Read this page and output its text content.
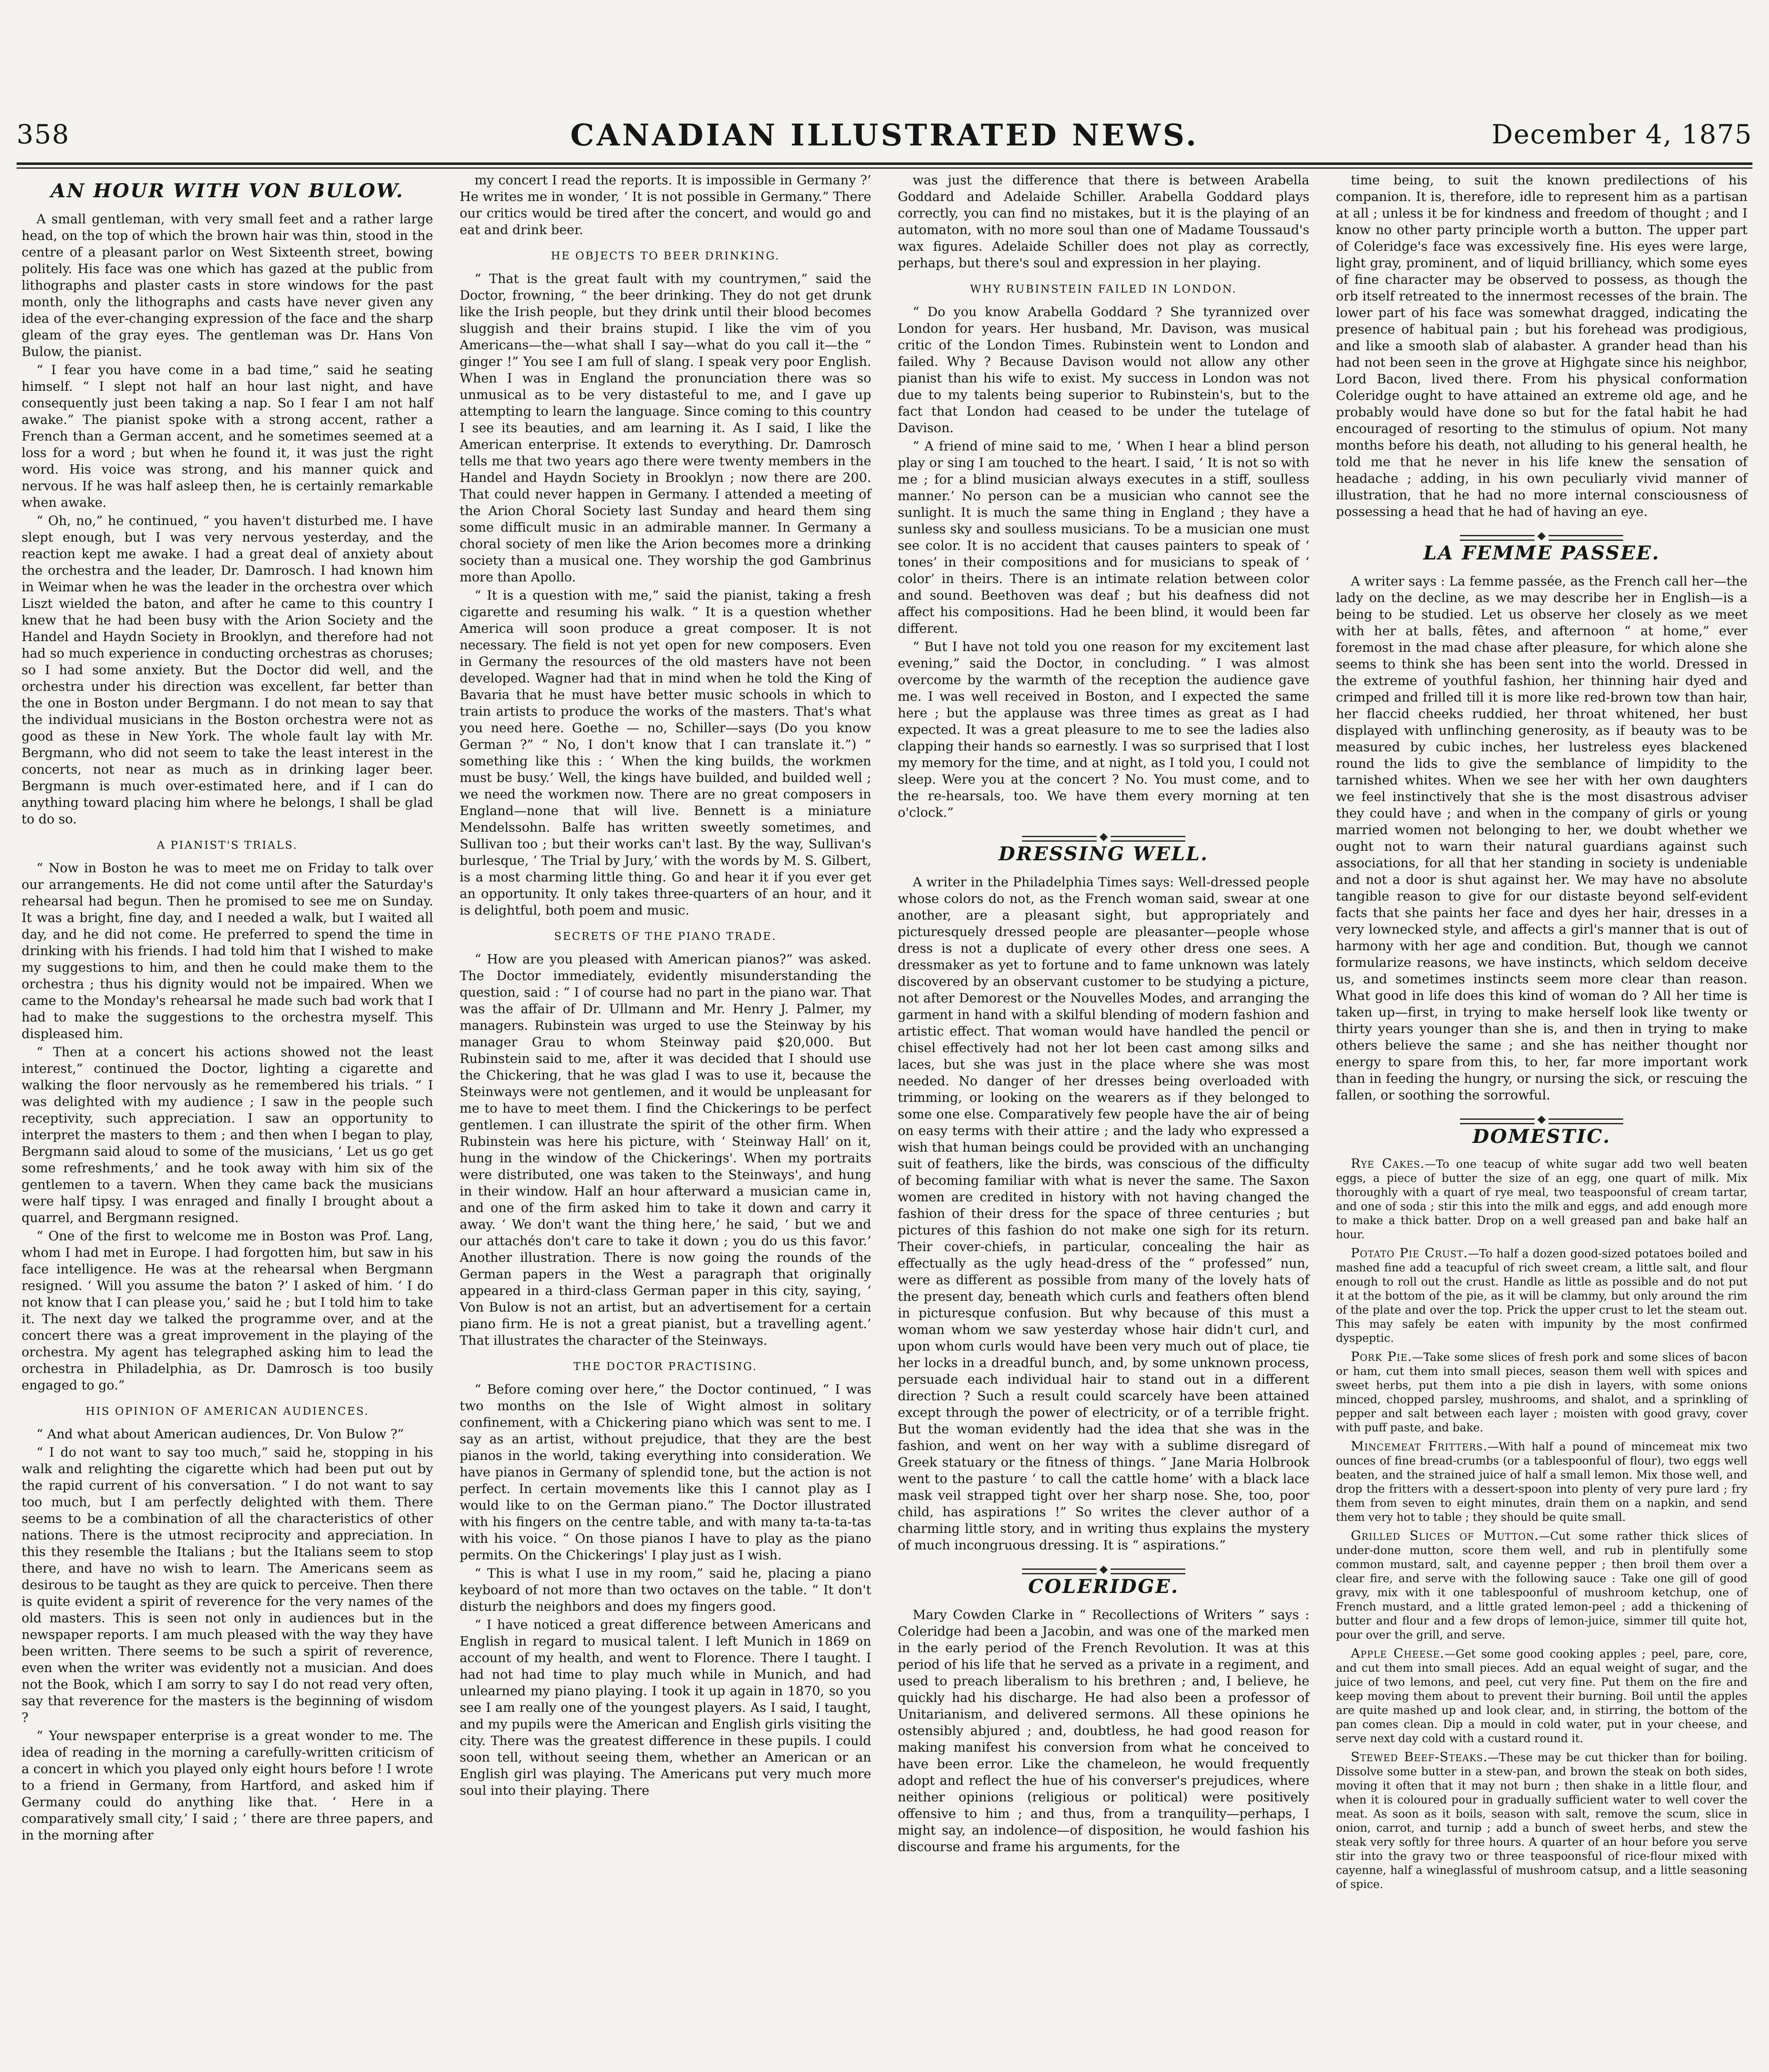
358	CANADIAN ILLUSTRATED NEWS.	December 4, 1875
AN HOUR WITH VON BULOW.

A small gentleman, with very small feet and a rather large head, on the top of which the brown hair was thin, stood in the centre of a pleasant parlor on West Sixteenth street, bowing politely. His face was one which has gazed at the public from lithographs and plaster casts in store windows for the past month, only the lithographs and casts have never given any idea of the ever-changing expression of the face and the sharp gleam of the gray eyes. The gentleman was Dr. Hans Von Bulow, the pianist.

“ I fear you have come in a bad time,” said he seating himself. “ I slept not half an hour last night, and have consequently just been taking a nap. So I fear I am not half awake.” The pianist spoke with a strong accent, rather a French than a German accent, and he sometimes seemed at a loss for a word ; but when he found it, it was just the right word. His voice was strong, and his manner quick and nervous. If he was half asleep then, he is certainly remarkable when awake.

“ Oh, no,” he continued, “ you haven't disturbed me. I have slept enough, but I was very nervous yesterday, and the reaction kept me awake. I had a great deal of anxiety about the orchestra and the leader, Dr. Damrosch. I had known him in Weimar when he was the leader in the orchestra over which Liszt wielded the baton, and after he came to this country I knew that he had been busy with the Arion Society and the Handel and Haydn Society in Brooklyn, and therefore had not had so much experience in conducting orchestras as choruses; so I had some anxiety. But the Doctor did well, and the orchestra under his direction was excellent, far better than the one in Boston under Bergmann. I do not mean to say that the individual musicians in the Boston orchestra were not as good as these in New York. The whole fault lay with Mr. Bergmann, who did not seem to take the least interest in the concerts, not near as much as in drinking lager beer. Bergmann is much over-estimated here, and if I can do anything toward placing him where he belongs, I shall be glad to do so.

A PIANIST'S TRIALS.

“ Now in Boston he was to meet me on Friday to talk over our arrangements. He did not come until after the Saturday's rehearsal had begun. Then he promised to see me on Sunday. It was a bright, fine day, and I needed a walk, but I waited all day, and he did not come. He preferred to spend the time in drinking with his friends. I had told him that I wished to make my suggestions to him, and then he could make them to the orchestra ; thus his dignity would not be impaired. When we came to the Monday's rehearsal he made such bad work that I had to make the suggestions to the orchestra myself. This displeased him.

“ Then at a concert his actions showed not the least interest,” continued the Doctor, lighting a cigarette and walking the floor nervously as he remembered his trials. “ I was delighted with my audience ; I saw in the people such receptivity, such appreciation. I saw an opportunity to interpret the masters to them ; and then when I began to play, Bergmann said aloud to some of the musicians, ‘ Let us go get some refreshments,’ and he took away with him six of the gentlemen to a tavern. When they came back the musicians were half tipsy. I was enraged and finally I brought about a quarrel, and Bergmann resigned.

“ One of the first to welcome me in Boston was Prof. Lang, whom I had met in Europe. I had forgotten him, but saw in his face intelligence. He was at the rehearsal when Bergmann resigned. ‘ Will you assume the baton ?’ I asked of him. ‘ I do not know that I can please you,’ said he ; but I told him to take it. The next day we talked the programme over, and at the concert there was a great improvement in the playing of the orchestra. My agent has telegraphed asking him to lead the orchestra in Philadelphia, as Dr. Damrosch is too busily engaged to go.”

HIS OPINION OF AMERICAN AUDIENCES.

“ And what about American audiences, Dr. Von Bulow ?”

“ I do not want to say too much,” said he, stopping in his walk and relighting the cigarette which had been put out by the rapid current of his conversation. “ I do not want to say too much, but I am perfectly delighted with them. There seems to be a combination of all the characteristics of other nations. There is the utmost reciprocity and appreciation. In this they resemble the Italians ; but the Italians seem to stop there, and have no wish to learn. The Americans seem as desirous to be taught as they are quick to perceive. Then there is quite evident a spirit of reverence for the very names of the old masters. This is seen not only in audiences but in the newspaper reports. I am much pleased with the way they have been written. There seems to be such a spirit of reverence, even when the writer was evidently not a musician. And does not the Book, which I am sorry to say I do not read very often, say that reverence for the masters is the beginning of wisdom ?

“ Your newspaper enterprise is a great wonder to me. The idea of reading in the morning a carefully-written criticism of a concert in which you played only eight hours before ! I wrote to a friend in Germany, from Hartford, and asked him if Germany could do anything like that. ‘ Here in a comparatively small city,’ I said ; ‘ there are three papers, and in the morning after

my concert I read the reports. It is impossible in Germany ?’ He writes me in wonder, ‘ It is not possible in Germany.” There our critics would be tired after the concert, and would go and eat and drink beer.

HE OBJECTS TO BEER DRINKING.

“ That is the great fault with my countrymen,” said the Doctor, frowning, “ the beer drinking. They do not get drunk like the Irish people, but they drink until their blood becomes sluggish and their brains stupid. I like the vim of you Americans—the—what shall I say—what do you call it—the “ ginger !” You see I am full of slang. I speak very poor English. When I was in England the pronunciation there was so unmusical as to be very distasteful to me, and I gave up attempting to learn the language. Since coming to this country I see its beauties, and am learning it. As I said, I like the American enterprise. It extends to everything. Dr. Damrosch tells me that two years ago there were twenty members in the Handel and Haydn Society in Brooklyn ; now there are 200. That could never happen in Germany. I attended a meeting of the Arion Choral Society last Sunday and heard them sing some difficult music in an admirable manner. In Germany a choral society of men like the Arion becomes more a drinking society than a musical one. They worship the god Gambrinus more than Apollo.

“ It is a question with me,” said the pianist, taking a fresh cigarette and resuming his walk. “ It is a question whether America will soon produce a great composer. It is not necessary. The field is not yet open for new composers. Even in Germany the resources of the old masters have not been developed. Wagner had that in mind when he told the King of Bavaria that he must have better music schools in which to train artists to produce the works of the masters. That's what you need here. Goethe — no, Schiller—says (Do you know German ?” “ No, I don't know that I can translate it.”) “ something like this : ‘ When the king builds, the workmen must be busy.’ Well, the kings have builded, and builded well ; we need the workmen now. There are no great composers in England—none that will live. Bennett is a miniature Mendelssohn. Balfe has written sweetly sometimes, and Sullivan too ; but their works can't last. By the way, Sullivan's burlesque, ‘ The Trial by Jury,’ with the words by M. S. Gilbert, is a most charming little thing. Go and hear it if you ever get an opportunity. It only takes three-quarters of an hour, and it is delightful, both poem and music.

SECRETS OF THE PIANO TRADE.

“ How are you pleased with American pianos?” was asked. The Doctor immediately, evidently misunderstanding the question, said : “ I of course had no part in the piano war. That was the affair of Dr. Ullmann and Mr. Henry J. Palmer, my managers. Rubinstein was urged to use the Steinway by his manager Grau to whom Steinway paid $20,000. But Rubinstein said to me, after it was decided that I should use the Chickering, that he was glad I was to use it, because the Steinways were not gentlemen, and it would be unpleasant for me to have to meet them. I find the Chickerings to be perfect gentlemen. I can illustrate the spirit of the other firm. When Rubinstein was here his picture, with ‘ Steinway Hall’ on it, hung in the window of the Chickerings'. When my portraits were distributed, one was taken to the Steinways', and hung in their window. Half an hour afterward a musician came in, and one of the firm asked him to take it down and carry it away. ‘ We don't want the thing here,’ he said, ‘ but we and our attachés don't care to take it down ; you do us this favor.’ Another illustration. There is now going the rounds of the German papers in the West a paragraph that originally appeared in a third-class German paper in this city, saying, ‘ Von Bulow is not an artist, but an advertisement for a certain piano firm. He is not a great pianist, but a travelling agent.’ That illustrates the character of the Steinways.

THE DOCTOR PRACTISING.

“ Before coming over here,” the Doctor continued, “ I was two months on the Isle of Wight almost in solitary confinement, with a Chickering piano which was sent to me. I say as an artist, without prejudice, that they are the best pianos in the world, taking everything into consideration. We have pianos in Germany of splendid tone, but the action is not perfect. In certain movements like this I cannot play as I would like to on the German piano.” The Doctor illustrated with his fingers on the centre table, and with many ta-ta-ta-tas with his voice. “ On those pianos I have to play as the piano permits. On the Chickerings' I play just as I wish.

“ This is what I use in my room,” said he, placing a piano keyboard of not more than two octaves on the table. “ It don't disturb the neighbors and does my fingers good.

“ I have noticed a great difference between Americans and English in regard to musical talent. I left Munich in 1869 on account of my health, and went to Florence. There I taught. I had not had time to play much while in Munich, and had unlearned my piano playing. I took it up again in 1870, so you see I am really one of the youngest players. As I said, I taught, and my pupils were the American and English girls visiting the city. There was the greatest difference in these pupils. I could soon tell, without seeing them, whether an American or an English girl was playing. The Americans put very much more soul into their playing. There

was just the difference that there is between Arabella Goddard and Adelaide Schiller. Arabella Goddard plays correctly, you can find no mistakes, but it is the playing of an automaton, with no more soul than one of Madame Toussaud's wax figures. Adelaide Schiller does not play as correctly, perhaps, but there's soul and expression in her playing.

WHY RUBINSTEIN FAILED IN LONDON.

“ Do you know Arabella Goddard ? She tyrannized over London for years. Her husband, Mr. Davison, was musical critic of the London Times. Rubinstein went to London and failed. Why ? Because Davison would not allow any other pianist than his wife to exist. My success in London was not due to my talents being superior to Rubinstein's, but to the fact that London had ceased to be under the tutelage of Davison.

“ A friend of mine said to me, ‘ When I hear a blind person play or sing I am touched to the heart. I said, ‘ It is not so with me ; for a blind musician always executes in a stiff, soulless manner.’ No person can be a musician who cannot see the sunlight. It is much the same thing in England ; they have a sunless sky and soulless musicians. To be a musician one must see color. It is no accident that causes painters to speak of ‘ tones’ in their compositions and for musicians to speak of ‘ color’ in theirs. There is an intimate relation between color and sound. Beethoven was deaf ; but his deafness did not affect his compositions. Had he been blind, it would been far different.

“ But I have not told you one reason for my excitement last evening,” said the Doctor, in concluding. “ I was almost overcome by the warmth of the reception the audience gave me. I was well received in Boston, and I expected the same here ; but the applause was three times as great as I had expected. It was a great pleasure to me to see the ladies also clapping their hands so earnestly. I was so surprised that I lost my memory for the time, and at night, as I told you, I could not sleep. Were you at the concert ? No. You must come, and to the re-hearsals, too. We have them every morning at ten o'clock.”

DRESSING WELL.

A writer in the Philadelphia Times says: Well-dressed people whose colors do not, as the French woman said, swear at one another, are a pleasant sight, but appropriately and picturesquely dressed people are pleasanter—people whose dress is not a duplicate of every other dress one sees. A dressmaker as yet to fortune and to fame unknown was lately discovered by an observant customer to be studying a picture, not after Demorest or the Nouvelles Modes, and arranging the garment in hand with a skilful blending of modern fashion and artistic effect. That woman would have handled the pencil or chisel effectively had not her lot been cast among silks and laces, but she was just in the place where she was most needed. No danger of her dresses being overloaded with trimming, or looking on the wearers as if they belonged to some one else. Comparatively few people have the air of being on easy terms with their attire ; and the lady who expressed a wish that human beings could be provided with an unchanging suit of feathers, like the birds, was conscious of the difficulty of becoming familiar with what is never the same. The Saxon women are credited in history with not having changed the fashion of their dress for the space of three centuries ; but pictures of this fashion do not make one sigh for its return. Their cover-chiefs, in particular, concealing the hair as effectually as the ugly head-dress of the “ professed” nun, were as different as possible from many of the lovely hats of the present day, beneath which curls and feathers often blend in picturesque confusion. But why because of this must a woman whom we saw yesterday whose hair didn't curl, and upon whom curls would have been very much out of place, tie her locks in a dreadful bunch, and, by some unknown process, persuade each individual hair to stand out in a different direction ? Such a result could scarcely have been attained except through the power of electricity, or of a terrible fright. But the woman evidently had the idea that she was in the fashion, and went on her way with a sublime disregard of Greek statuary or the fitness of things. “ Jane Maria Holbrook went to the pasture ‘ to call the cattle home’ with a black lace mask veil strapped tight over her sharp nose. She, too, poor child, has aspirations !” So writes the clever author of a charming little story, and in writing thus explains the mystery of much incongruous dressing. It is “ aspirations.”

COLERIDGE.

Mary Cowden Clarke in “ Recollections of Writers ” says : Coleridge had been a Jacobin, and was one of the marked men in the early period of the French Revolution. It was at this period of his life that he served as a private in a regiment, and used to preach liberalism to his brethren ; and, I believe, he quickly had his discharge. He had also been a professor of Unitarianism, and delivered sermons. All these opinions he ostensibly abjured ; and, doubtless, he had good reason for making manifest his conversion from what he conceived to have been error. Like the chameleon, he would frequently adopt and reflect the hue of his converser's prejudices, where neither opinions (religious or political) were positively offensive to him ; and thus, from a tranquility—perhaps, I might say, an indolence—of disposition, he would fashion his discourse and frame his arguments, for the

time being, to suit the known predilections of his companion. It is, therefore, idle to represent him as a partisan at all ; unless it be for kindness and freedom of thought ; and I know no other party principle worth a button. The upper part of Coleridge's face was excessively fine. His eyes were large, light gray, prominent, and of liquid brilliancy, which some eyes of fine character may be observed to possess, as though the orb itself retreated to the innermost recesses of the brain. The lower part of his face was somewhat dragged, indicating the presence of habitual pain ; but his forehead was prodigious, and like a smooth slab of alabaster. A grander head than his had not been seen in the grove at Highgate since his neighbor, Lord Bacon, lived there. From his physical conformation Coleridge ought to have attained an extreme old age, and he probably would have done so but for the fatal habit he had encouraged of resorting to the stimulus of opium. Not many months before his death, not alluding to his general health, he told me that he never in his life knew the sensation of headache ; adding, in his own peculiarly vivid manner of illustration, that he had no more internal consciousness of possessing a head that he had of having an eye.

LA FEMME PASSEE.

A writer says : La femme passée, as the French call her—the lady on the decline, as we may describe her in English—is a being to be studied. Let us observe her closely as we meet with her at balls, fêtes, and afternoon “ at home,” ever foremost in the mad chase after pleasure, for which alone she seems to think she has been sent into the world. Dressed in the extreme of youthful fashion, her thinning hair dyed and crimped and frilled till it is more like red-brown tow than hair, her flaccid cheeks ruddied, her throat whitened, her bust displayed with unflinching generosity, as if beauty was to be measured by cubic inches, her lustreless eyes blackened round the lids to give the semblance of limpidity to the tarnished whites. When we see her with her own daughters we feel instinctively that she is the most disastrous adviser they could have ; and when in the company of girls or young married women not belonging to her, we doubt whether we ought not to warn their natural guardians against such associations, for all that her standing in society is undeniable and not a door is shut against her. We may have no absolute tangible reason to give for our distaste beyond self-evident facts that she paints her face and dyes her hair, dresses in a very lownecked style, and affects a girl's manner that is out of harmony with her age and condition. But, though we cannot formularize reasons, we have instincts, which seldom deceive us, and sometimes instincts seem more clear than reason. What good in life does this kind of woman do ? All her time is taken up—first, in trying to make herself look like twenty or thirty years younger than she is, and then in trying to make others believe the same ; and she has neither thought nor energy to spare from this, to her, far more important work than in feeding the hungry, or nursing the sick, or rescuing the fallen, or soothing the sorrowful.

DOMESTIC.

Rye Cakes.—To one teacup of white sugar add two well beaten eggs, a piece of butter the size of an egg, one quart of milk. Mix thoroughly with a quart of rye meal, two teaspoonsful of cream tartar, and one of soda ; stir this into the milk and eggs, and add enough more to make a thick batter. Drop on a well greased pan and bake half an hour.

Potato Pie Crust.—To half a dozen good-sized potatoes boiled and mashed fine add a teacupful of rich sweet cream, a little salt, and flour enough to roll out the crust. Handle as little as possible and do not put it at the bottom of the pie, as it will be clammy, but only around the rim of the plate and over the top. Prick the upper crust to let the steam out. This may safely be eaten with impunity by the most confirmed dyspeptic.

Pork Pie.—Take some slices of fresh pork and some slices of bacon or ham, cut them into small pieces, season them well with spices and sweet herbs, put them into a pie dish in layers, with some onions minced, chopped parsley, mushrooms, and shalot, and a sprinkling of pepper and salt between each layer ; moisten with good gravy, cover with puff paste, and bake.

Mincemeat Fritters.—With half a pound of mincemeat mix two ounces of fine bread-crumbs (or a tablespoonful of flour), two eggs well beaten, and the strained juice of half a small lemon. Mix those well, and drop the fritters with a dessert-spoon into plenty of very pure lard ; fry them from seven to eight minutes, drain them on a napkin, and send them very hot to table ; they should be quite small.

Grilled Slices of Mutton.—Cut some rather thick slices of under-done mutton, score them well, and rub in plentifully some common mustard, salt, and cayenne pepper ; then broil them over a clear fire, and serve with the following sauce : Take one gill of good gravy, mix with it one tablespoonful of mushroom ketchup, one of French mustard, and a little grated lemon-peel ; add a thickening of butter and flour and a few drops of lemon-juice, simmer till quite hot, pour over the grill, and serve.

Apple Cheese.—Get some good cooking apples ; peel, pare, core, and cut them into small pieces. Add an equal weight of sugar, and the juice of two lemons, and peel, cut very fine. Put them on the fire and keep moving them about to prevent their burning. Boil until the apples are quite mashed up and look clear, and, in stirring, the bottom of the pan comes clean. Dip a mould in cold water, put in your cheese, and serve next day cold with a custard round it.

Stewed Beef-Steaks.—These may be cut thicker than for boiling. Dissolve some butter in a stew-pan, and brown the steak on both sides, moving it often that it may not burn ; then shake in a little flour, and when it is coloured pour in gradually sufficient water to well cover the meat. As soon as it boils, season with salt, remove the scum, slice in onion, carrot, and turnip ; add a bunch of sweet herbs, and stew the steak very softly for three hours. A quarter of an hour before you serve stir into the gravy two or three teaspoonsful of rice-flour mixed with cayenne, half a wineglassful of mushroom catsup, and a little seasoning of spice.
